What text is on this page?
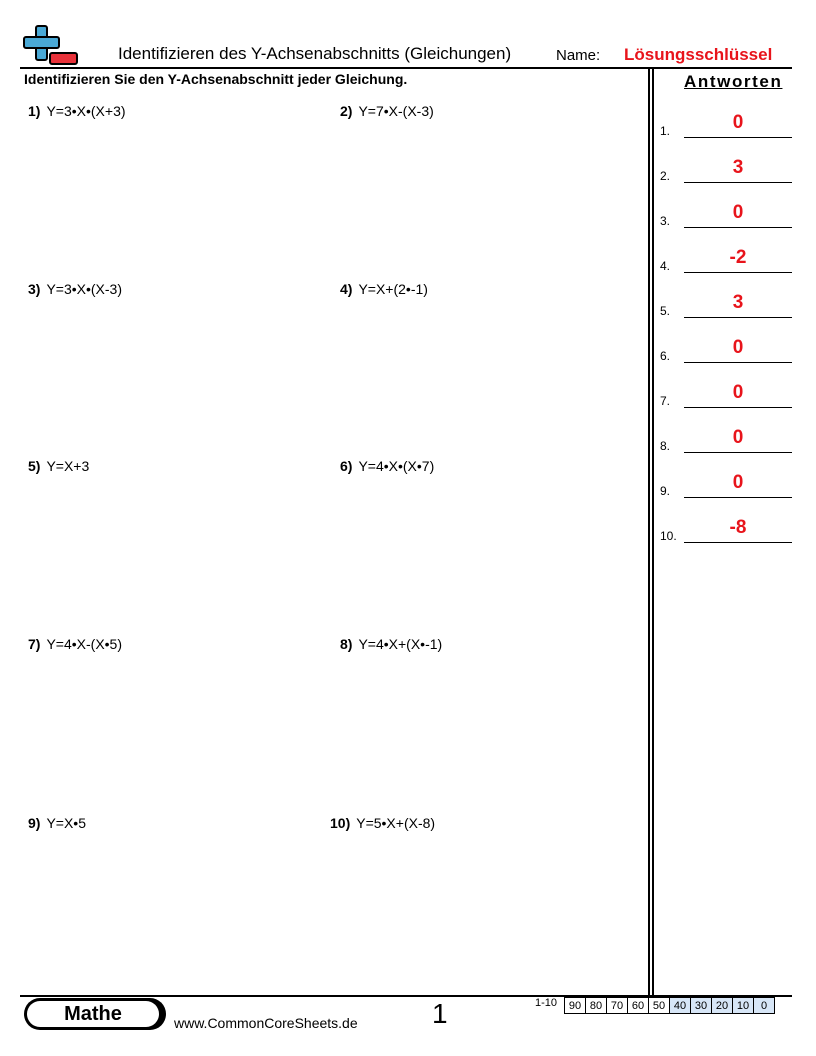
Identifizieren des Y-Achsenabschnitts (Gleichungen)	Name: Lösungsschlüssel
Identifizieren Sie den Y-Achsenabschnitt jeder Gleichung.	Antworten
1) Y=3•X•(X+3)	2) Y=7•X-(X-3)
3) Y=3•X•(X-3)	4) Y=X+(2•-1)
5) Y=X+3	6) Y=4•X•(X•7)
7) Y=4•X-(X•5)	8) Y=4•X+(X•-1)
9) Y=X•5	10) Y=5•X+(X-8)
1.	0
2.	3
3.	0
4.	-2
5.	3
6.	0
7.	0
8.	0
9.	0
10.	-8
Mathe	www.CommonCoreSheets.de	1	1-10	90 80 70 60 50 40 30 20 10	0
